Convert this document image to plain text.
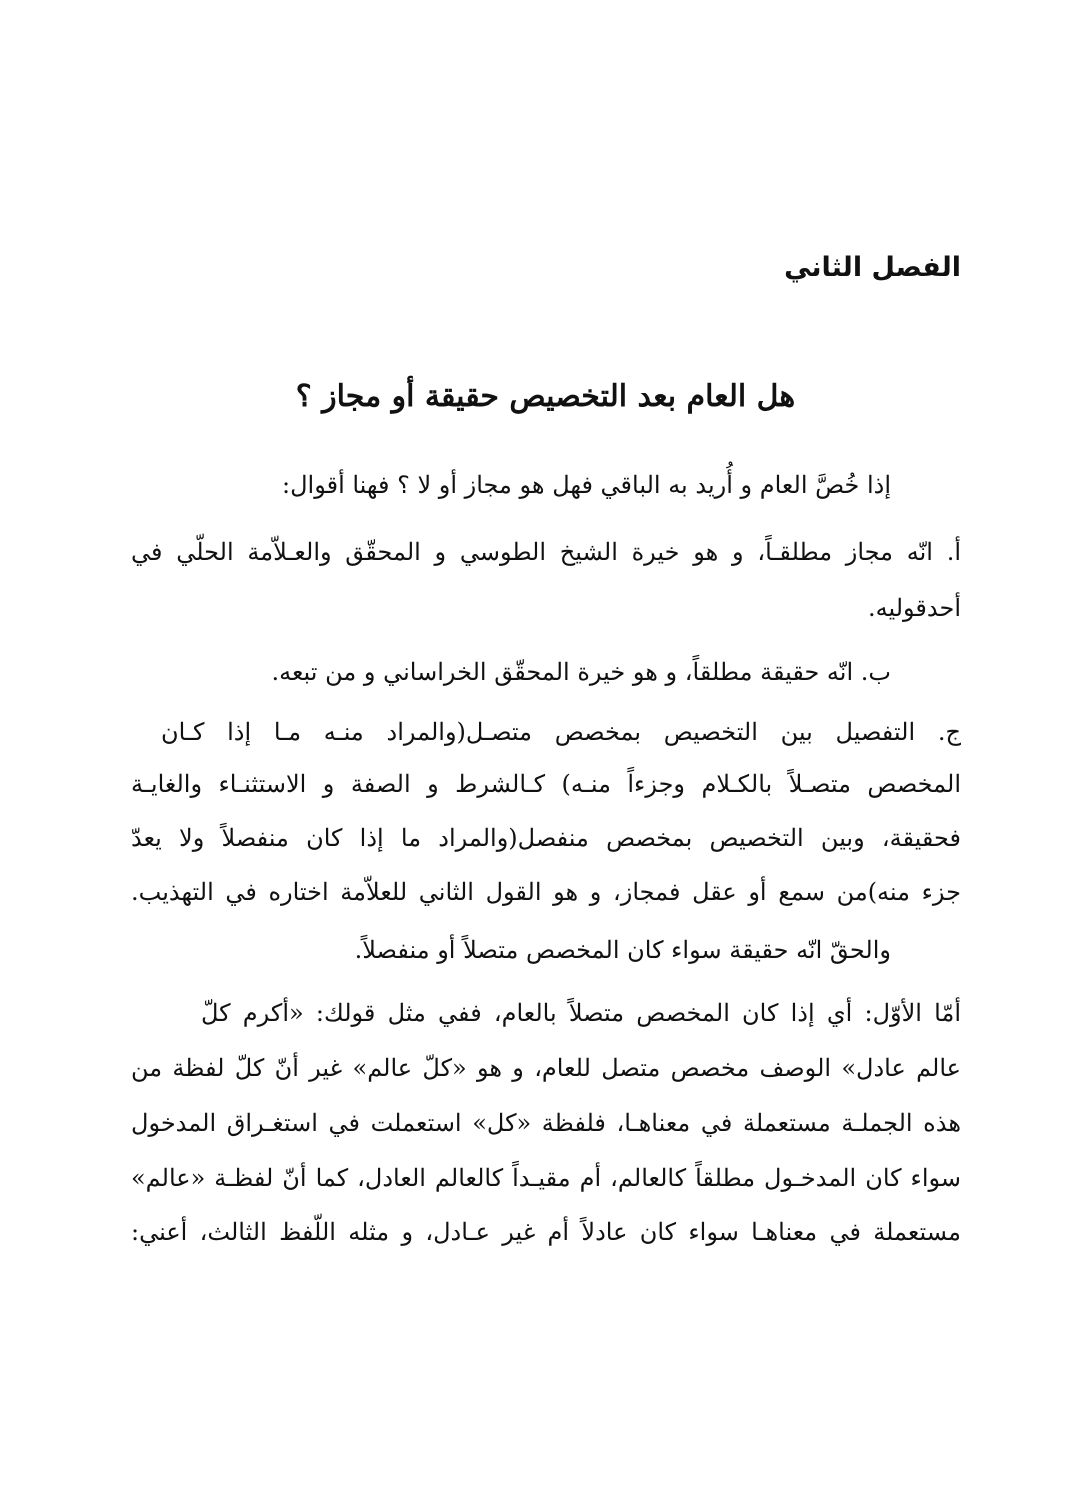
الفصل الثاني
هل العام بعد التخصيص حقيقة أو مجاز ؟
إذا خُصَّ العام و أُريد به الباقي فهل هو مجاز أو لا ؟ فهنا أقوال:
أ. انّه مجاز مطلقـاً، و هو خيرة الشيخ الطوسي و المحقّق والعـلاّمة الحلّي في
أحدقوليه.
ب. انّه حقيقة مطلقاً، و هو خيرة المحقّق الخراساني و من تبعه.
ج. التفصيل بين التخصيص بمخصص متصـل(والمراد منـه مـا إذا كـان
المخصص متصـلاً بالكـلام وجزءاً منـه) كـالشرط و الصفة و الاستثنـاء والغايـة
فحقيقة، وبين التخصيص بمخصص منفصل(والمراد ما إذا كان منفصلاً ولا يعدّ
جزء منه)من سمع أو عقل فمجاز، و هو القول الثاني للعلاّمة اختاره في التهذيب.
والحقّ انّه حقيقة سواء كان المخصص متصلاً أو منفصلاً.
أمّا الأوّل: أي إذا كان المخصص متصلاً بالعام، ففي مثل قولك: «أكرم كلّ
عالم عادل» الوصف مخصص متصل للعام، و هو «كلّ عالم» غير أنّ كلّ لفظة من
هذه الجملـة مستعملة في معناهـا، فلفظة «كل» استعملت في استغـراق المدخول
سواء كان المدخـول مطلقاً كالعالم، أم مقيـداً كالعالم العادل، كما أنّ لفظـة «عالم»
مستعملة في معناهـا سواء كان عادلاً أم غير عـادل، و مثله اللّفظ الثالث، أعني:
